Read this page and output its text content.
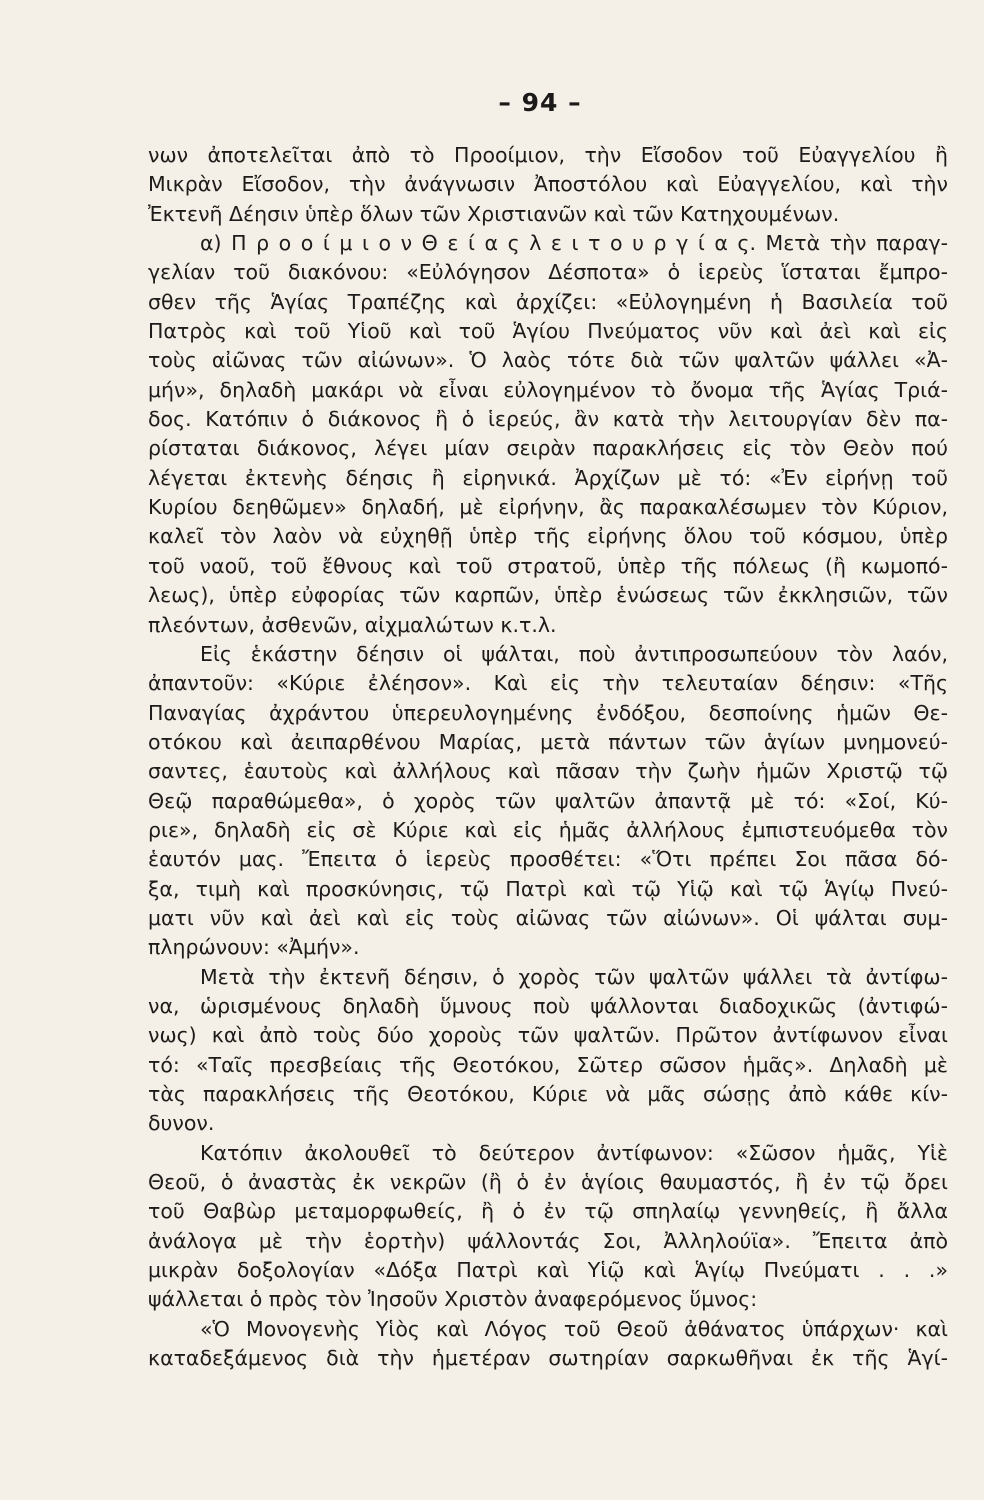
– 94 –
νων ἀποτελεῖται ἀπὸ τὸ Προοίμιον, τὴν Εἴσοδον τοῦ Εὐαγγελίου ἢ
Μικρὰν Εἴσοδον, τὴν ἀνάγνωσιν Ἀποστόλου καὶ Εὐαγγελίου, καὶ τὴν
Ἐκτενῆ Δέησιν ὑπὲρ ὅλων τῶν Χριστιανῶν καὶ τῶν Κατηχουμένων.
α) Π ρ ο ο ί μ ι ο ν Θ ε ί α ς λ ε ι τ ο υ ρ γ ί α ς. Μετὰ τὴν παραγ-
γελίαν τοῦ διακόνου: «Εὐλόγησον Δέσποτα» ὁ ἱερεὺς ἵσταται ἔμπρο-
σθεν τῆς Ἁγίας Τραπέζης καὶ ἀρχίζει: «Εὐλογημένη ἡ Βασιλεία τοῦ
Πατρὸς καὶ τοῦ Υἱοῦ καὶ τοῦ Ἁγίου Πνεύματος νῦν καὶ ἀεὶ καὶ εἰς
τοὺς αἰῶνας τῶν αἰώνων». Ὁ λαὸς τότε διὰ τῶν ψαλτῶν ψάλλει «Ἀ-
μήν», δηλαδὴ μακάρι νὰ εἶναι εὐλογημένον τὸ ὄνομα τῆς Ἁγίας Τριά-
δος. Κατόπιν ὁ διάκονος ἢ ὁ ἱερεύς, ἂν κατὰ τὴν λειτουργίαν δὲν πα-
ρίσταται διάκονος, λέγει μίαν σειρὰν παρακλήσεις εἰς τὸν Θεὸν πού
λέγεται ἐκτενὴς δέησις ἢ εἰρηνικά. Ἀρχίζων μὲ τό: «Ἐν εἰρήνῃ τοῦ
Κυρίου δεηθῶμεν» δηλαδή, μὲ εἰρήνην, ἂς παρακαλέσωμεν τὸν Κύριον,
καλεῖ τὸν λαὸν νὰ εὐχηθῇ ὑπὲρ τῆς εἰρήνης ὅλου τοῦ κόσμου, ὑπὲρ
τοῦ ναοῦ, τοῦ ἔθνους καὶ τοῦ στρατοῦ, ὑπὲρ τῆς πόλεως (ἢ κωμοπό-
λεως), ὑπὲρ εὐφορίας τῶν καρπῶν, ὑπὲρ ἑνώσεως τῶν ἐκκλησιῶν, τῶν
πλεόντων, ἀσθενῶν, αἰχμαλώτων κ.τ.λ.
Εἰς ἑκάστην δέησιν οἱ ψάλται, ποὺ ἀντιπροσωπεύουν τὸν λαόν,
ἀπαντοῦν: «Κύριε ἐλέησον». Καὶ εἰς τὴν τελευταίαν δέησιν: «Τῆς
Παναγίας ἀχράντου ὑπερευλογημένης ἐνδόξου, δεσποίνης ἡμῶν Θε-
οτόκου καὶ ἀειπαρθένου Μαρίας, μετὰ πάντων τῶν ἁγίων μνημονεύ-
σαντες, ἑαυτοὺς καὶ ἀλλήλους καὶ πᾶσαν τὴν ζωὴν ἡμῶν Χριστῷ τῷ
Θεῷ παραθώμεθα», ὁ χορὸς τῶν ψαλτῶν ἀπαντᾷ μὲ τό: «Σοί, Κύ-
ριε», δηλαδὴ εἰς σὲ Κύριε καὶ εἰς ἡμᾶς ἀλλήλους ἐμπιστευόμεθα τὸν
ἑαυτόν μας. Ἔπειτα ὁ ἱερεὺς προσθέτει: «Ὅτι πρέπει Σοι πᾶσα δό-
ξα, τιμὴ καὶ προσκύνησις, τῷ Πατρὶ καὶ τῷ Υἱῷ καὶ τῷ Ἁγίῳ Πνεύ-
ματι νῦν καὶ ἀεὶ καὶ εἰς τοὺς αἰῶνας τῶν αἰώνων». Οἱ ψάλται συμ-
πληρώνουν: «Ἀμήν».
Μετὰ τὴν ἐκτενῆ δέησιν, ὁ χορὸς τῶν ψαλτῶν ψάλλει τὰ ἀντίφω-
να, ὡρισμένους δηλαδὴ ὕμνους ποὺ ψάλλονται διαδοχικῶς (ἀντιφώ-
νως) καὶ ἀπὸ τοὺς δύο χοροὺς τῶν ψαλτῶν. Πρῶτον ἀντίφωνον εἶναι
τό: «Ταῖς πρεσβείαις τῆς Θεοτόκου, Σῶτερ σῶσον ἡμᾶς». Δηλαδὴ μὲ
τὰς παρακλήσεις τῆς Θεοτόκου, Κύριε νὰ μᾶς σώσῃς ἀπὸ κάθε κίν-
δυνον.
Κατόπιν ἀκολουθεῖ τὸ δεύτερον ἀντίφωνον: «Σῶσον ἡμᾶς, Υἱὲ
Θεοῦ, ὁ ἀναστὰς ἐκ νεκρῶν (ἢ ὁ ἐν ἁγίοις θαυμαστός, ἢ ἐν τῷ ὄρει
τοῦ Θαβὼρ μεταμορφωθείς, ἢ ὁ ἐν τῷ σπηλαίῳ γεννηθείς, ἢ ἄλλα
ἀνάλογα μὲ τὴν ἑορτὴν) ψάλλοντάς Σοι, Ἀλληλούϊα». Ἔπειτα ἀπὸ
μικρὰν δοξολογίαν «Δόξα Πατρὶ καὶ Υἱῷ καὶ Ἁγίῳ Πνεύματι . . .»
ψάλλεται ὁ πρὸς τὸν Ἰησοῦν Χριστὸν ἀναφερόμενος ὕμνος:
«Ὁ Μονογενὴς Υἱὸς καὶ Λόγος τοῦ Θεοῦ ἀθάνατος ὑπάρχων· καὶ
καταδεξάμενος διὰ τὴν ἡμετέραν σωτηρίαν σαρκωθῆναι ἐκ τῆς Ἁγί-
